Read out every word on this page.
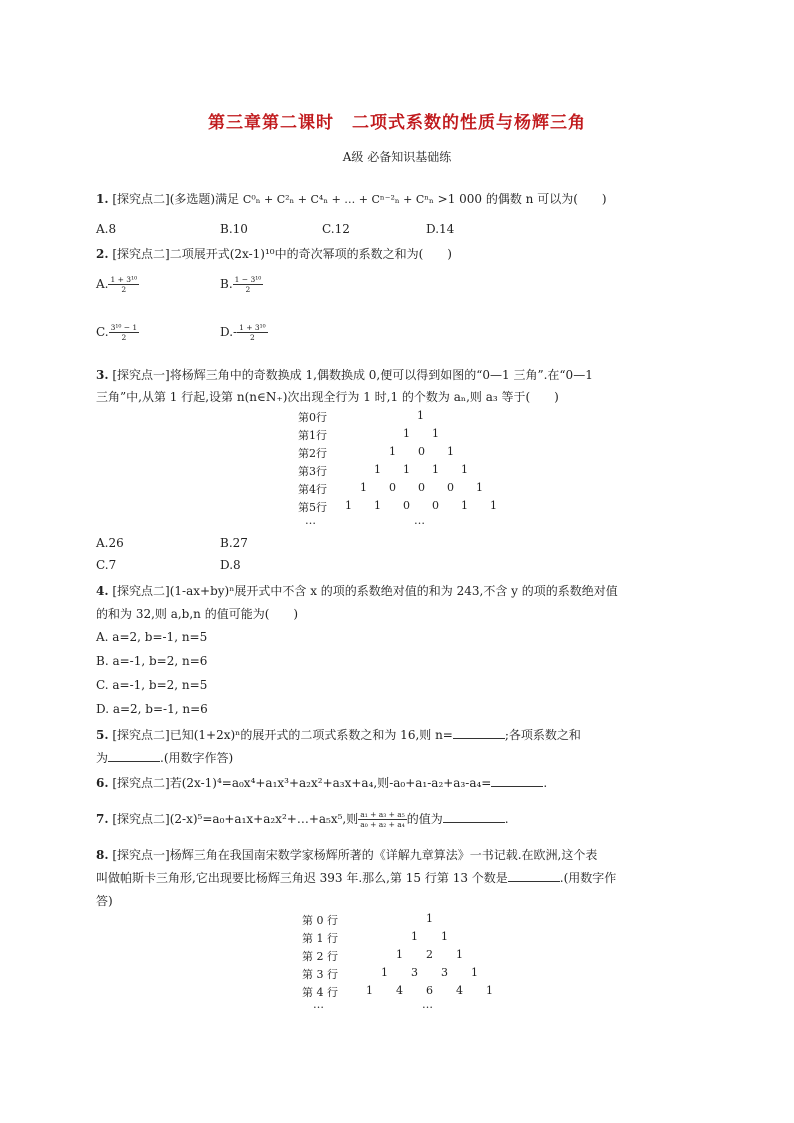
第三章第二课时　二项式系数的性质与杨辉三角
A级 必备知识基础练
1. [探究点二](多选题)满足 C⁰ₙ + C²ₙ + C⁴ₙ + … + Cⁿ⁻²ₙ + Cⁿₙ >1 000 的偶数 n 可以为(　　)
A.8	B.10	C.12	D.14
2. [探究点二]二项展开式(2x-1)¹⁰中的奇次幂项的系数之和为(　　)
A. $\frac{\text{1 + 3¹⁰}}{2}$	B. $\frac{\text{1 − 3¹⁰}}{2}$
C. $\frac{\text{3¹⁰ − 1}}{2}$	$D.- \frac{\text{1 + 3¹⁰}}{2}$
3. [探究点一]将杨辉三角中的奇数换成 1,偶数换成 0,便可以得到如图的“0—1 三角”.在“0—1
三角”中,从第 1 行起,设第 n(n∈N₊)次出现全行为 1 时,1 的个数为 aₙ,则 a₃ 等于(　　)
第0行	1
第1行	1 1
第2行	1 0 1
第3行	1 1 1 1
第4行	1 0 0 0 1
第5行 1 1 0 0 1 1
…	…
A.26	B.27
C.7	D.8
4. [探究点二](1-ax+by)ⁿ展开式中不含 x 的项的系数绝对值的和为 243,不含 y 的项的系数绝对值
的和为 32,则 a,b,n 的值可能为(　　)
A. a=2, b=-1, n=5
B. a=-1, b=2, n=6
C. a=-1, b=2, n=5
D. a=2, b=-1, n=6
5. [探究点二]已知(1+2x)ⁿ的展开式的二项式系数之和为 16,则 n=	;各项系数之和
为	.(用数字作答)
6. [探究点二]若(2x-1)⁴=a₀x⁴+a₁x³+a₂x²+a₃x+a₄,则-a₀+a₁-a₂+a₃-a₄=	.
7. [探究点二](2-x)⁵=a₀+a₁x+a₂x²+…+a₅x⁵,则 $\frac{\text{a₁ + a₃ + a₅}}{\text{a₀ + a₂ + a₄}}$ 的值为	.
8. [探究点一]杨辉三角在我国南宋数学家杨辉所著的《详解九章算法》一书记载.在欧洲,这个表
叫做帕斯卡三角形,它出现要比杨辉三角迟 393 年.那么,第 15 行第 13 个数是	.(用数字作
答)
第 0 行	1
第 1 行	1 1
第 2 行	1 2 1
第 3 行	1 3 3 1
第 4 行	1 4 6 4 1
…	…
